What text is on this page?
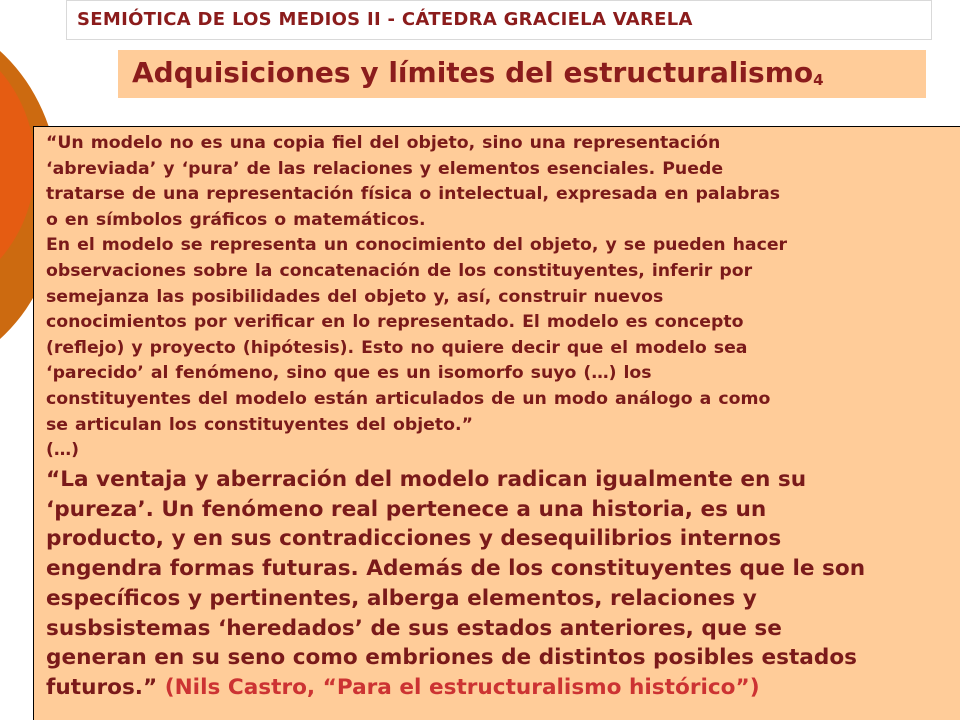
SEMIÓTICA DE LOS MEDIOS II - CÁTEDRA GRACIELA VARELA
Adquisiciones y límites del estructuralismo$_4$
“Un modelo no es una copia fiel del objeto, sino una representación
‘abreviada’ y ‘pura’ de las relaciones y elementos esenciales. Puede
tratarse de una representación física o intelectual, expresada en palabras
o en símbolos gráficos o matemáticos.
En el modelo se representa un conocimiento del objeto, y se pueden hacer
observaciones sobre la concatenación de los constituyentes, inferir por
semejanza las posibilidades del objeto y, así, construir nuevos
conocimientos por verificar en lo representado. El modelo es concepto
(reflejo) y proyecto (hipótesis). Esto no quiere decir que el modelo sea
‘parecido’ al fenómeno, sino que es un isomorfo suyo (…) los
constituyentes del modelo están articulados de un modo análogo a como
se articulan los constituyentes del objeto.”
(…)
“La ventaja y aberración del modelo radican igualmente en su
‘pureza’. Un fenómeno real pertenece a una historia, es un
producto, y en sus contradicciones y desequilibrios internos
engendra formas futuras. Además de los constituyentes que le son
específicos y pertinentes, alberga elementos, relaciones y
susbsistemas ‘heredados’ de sus estados anteriores, que se
generan en su seno como embriones de distintos posibles estados
futuros.” (Nils Castro, “Para el estructuralismo histórico”)
